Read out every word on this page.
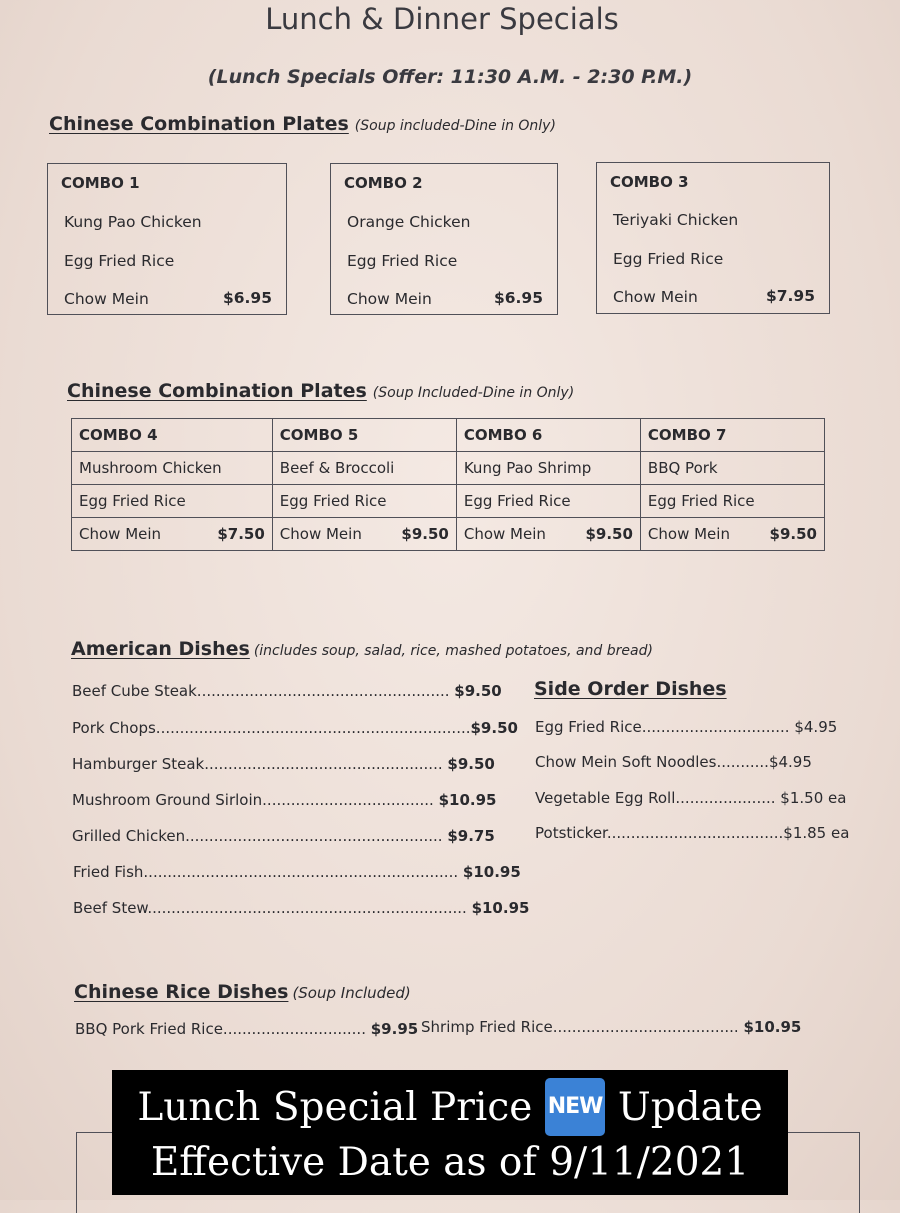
Lunch & Dinner Specials
(Lunch Specials Offer: 11:30 A.M. - 2:30 P.M.)
Chinese Combination Plates (Soup included-Dine in Only)
COMBO 1
Kung Pao Chicken
Egg Fried Rice
Chow Mein	$6.95
COMBO 2
Orange Chicken
Egg Fried Rice
Chow Mein	$6.95
COMBO 3
Teriyaki Chicken
Egg Fried Rice
Chow Mein	$7.95
Chinese Combination Plates (Soup Included-Dine in Only)
COMBO 4	COMBO 5	COMBO 6	COMBO 7
Mushroom Chicken	Beef & Broccoli	Kung Pao Shrimp	BBQ Pork
Egg Fried Rice	Egg Fried Rice	Egg Fried Rice	Egg Fried Rice

Chow Mein $7.50	Chow Mein $9.50	Chow Mein $9.50	Chow Mein $9.50
American Dishes (includes soup, salad, rice, mashed potatoes, and bread)
Beef Cube Steak..................................................... $9.50
Pork Chops..................................................................$9.50
Hamburger Steak.................................................. $9.50
Mushroom Ground Sirloin.................................... $10.95
Grilled Chicken...................................................... $9.75
Fried Fish.................................................................. $10.95
Beef Stew................................................................... $10.95
Side Order Dishes
Egg Fried Rice............................... $4.95
Chow Mein Soft Noodles...........$4.95
Vegetable Egg Roll..................... $1.50 ea
Potsticker.....................................$1.85 ea
Chinese Rice Dishes (Soup Included)
BBQ Pork Fried Rice.............................. $9.95 Shrimp Fried Rice....................................... $10.95
Lunch Special Price NEW Update
Effective Date as of 9/11/2021
